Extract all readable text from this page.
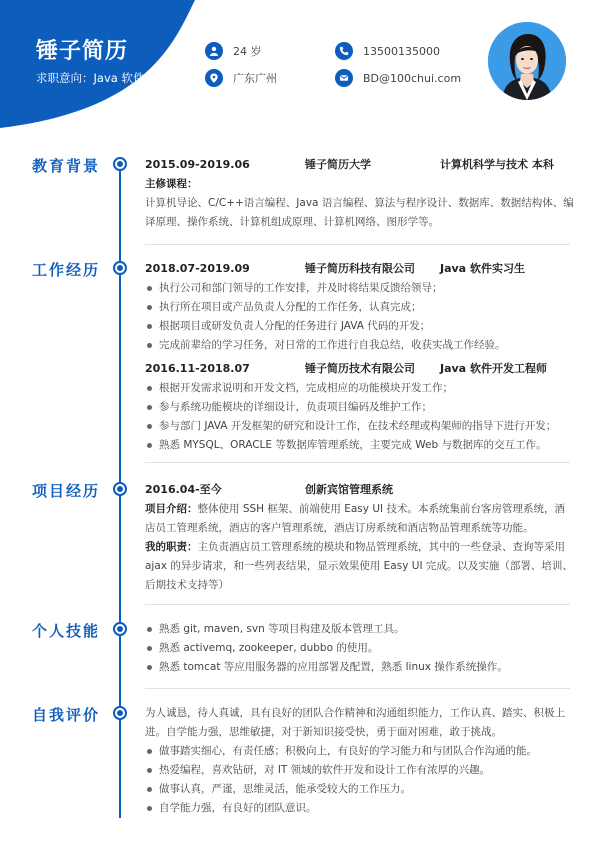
锤子简历
求职意向：Java 软件开发
24 岁
广东广州
13500135000
BD@100chui.com
教育背景	2015.09-2019.06	锤子简历大学	计算机科学与技术 本科
主修课程：
计算机导论、C/C++语言编程、Java 语言编程、算法与程序设计、数据库、数据结构体、编译原理、操作系统、计算机组成原理、计算机网络、图形学等。
工作经历	2018.07-2019.09	锤子简历科技有限公司	Java 软件实习生
执行公司和部门领导的工作安排，并及时将结果反馈给领导；
执行所在项目或产品负责人分配的工作任务，认真完成；
根据项目或研发负责人分配的任务进行 JAVA 代码的开发；
完成前辈给的学习任务，对日常的工作进行自我总结，收获实战工作经验。
2016.11-2018.07	锤子简历技术有限公司	Java 软件开发工程师
根据开发需求说明和开发文档，完成相应的功能模块开发工作；
参与系统功能模块的详细设计，负责项目编码及维护工作；
参与部门 JAVA 开发框架的研究和设计工作，在技术经理或构架师的指导下进行开发；
熟悉 MYSQL、ORACLE 等数据库管理系统，主要完成 Web 与数据库的交互工作。
项目经历	2016.04-至今	创新宾馆管理系统
项目介绍：整体使用 SSH 框架、前端使用 Easy UI 技术。本系统集前台客房管理系统，酒店员工管理系统，酒店的客户管理系统，酒店订房系统和酒店物品管理系统等功能。
我的职责：主负责酒店员工管理系统的模块和物品管理系统，其中的一些登录、查询等采用 ajax 的异步请求，和一些列表结果，显示效果使用 Easy UI 完成。以及实施（部署、培训、后期技术支持等）
个人技能	熟悉 git, maven, svn 等项目构建及版本管理工具。
熟悉 activemq, zookeeper, dubbo 的使用。
熟悉 tomcat 等应用服务器的应用部署及配置，熟悉 linux 操作系统操作。
自我评价	为人诚恳，待人真诚，具有良好的团队合作精神和沟通组织能力，工作认真、踏实、积极上进。自学能力强，思维敏捷，对于新知识接受快，勇于面对困难，敢于挑战。
做事踏实细心，有责任感；积极向上，有良好的学习能力和与团队合作沟通的能。
热爱编程，喜欢钻研，对 IT 领域的软件开发和设计工作有浓厚的兴趣。
做事认真，严谨，思维灵活，能承受较大的工作压力。
自学能力强，有良好的团队意识。
